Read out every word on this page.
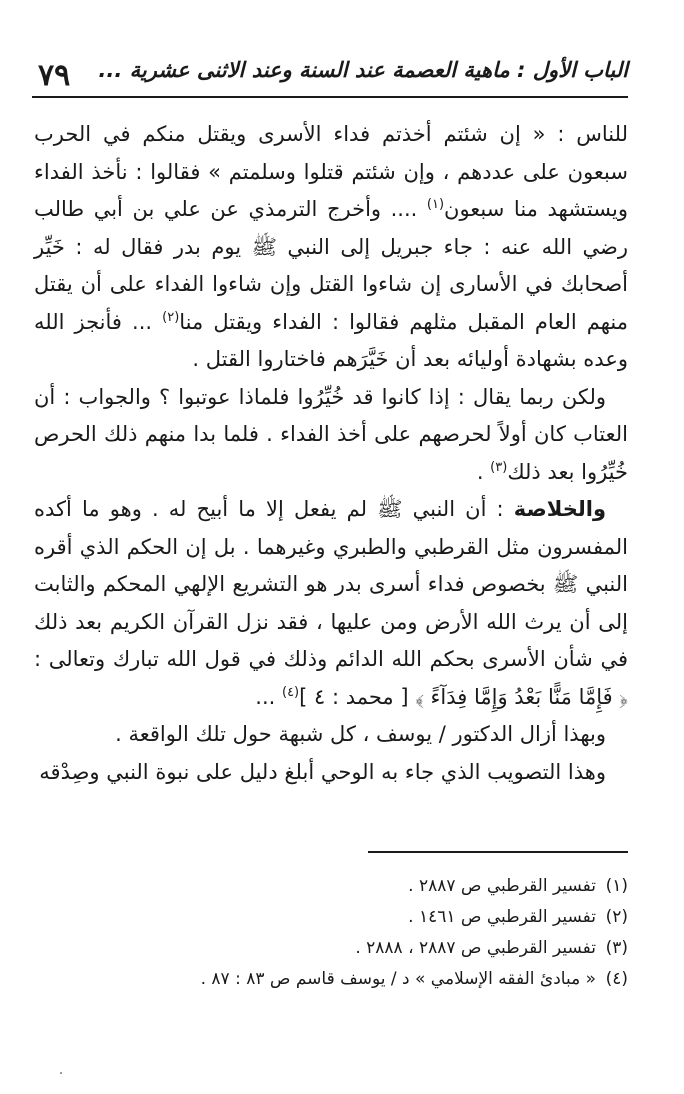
٧٩ الباب الأول : ماهية العصمة عند السنة وعند الاثنى عشرية ...

للناس : « إن شئتم أخذتم فداء الأسرى ويقتل منكم في الحرب سبعون على عددهم ، وإن شئتم قتلوا وسلمتم » فقالوا : نأخذ الفداء ويستشهد منا سبعون$^{(١)}$ .... وأخرج الترمذي عن علي بن أبي طالب رضي الله عنه : جاء جبريل إلى النبي ﷺ يوم بدر فقال له : خَيِّر أصحابك في الأسارى إن شاءوا القتل وإن شاءوا الفداء على أن يقتل منهم العام المقبل مثلهم فقالوا : الفداء ويقتل منا$^{(٢)}$ ... فأنجز الله وعده بشهادة أوليائه بعد أن خَيَّرَهم فاختاروا القتل .

ولكن ربما يقال : إذا كانوا قد خُيِّرُوا فلماذا عوتبوا ؟ والجواب : أن العتاب كان أولاً لحرصهم على أخذ الفداء . فلما بدا منهم ذلك الحرص خُيِّرُوا بعد ذلك$^{(٣)}$ .

والخلاصة : أن النبي ﷺ لم يفعل إلا ما أبيح له . وهو ما أكده المفسرون مثل القرطبي والطبري وغيرهما . بل إن الحكم الذي أقره النبي ﷺ بخصوص فداء أسرى بدر هو التشريع الإلهي المحكم والثابت إلى أن يرث الله الأرض ومن عليها ، فقد نزل القرآن الكريم بعد ذلك في شأن الأسرى بحكم الله الدائم وذلك في قول الله تبارك وتعالى : ﴿ فَإِمَّا مَنًّا بَعْدُ وَإِمَّا فِدَآءً ﴾ [ محمد : ٤ ]$^{(٤)}$ ...

وبهذا أزال الدكتور / يوسف ، كل شبهة حول تلك الواقعة .

وهذا التصويب الذي جاء به الوحي أبلغ دليل على نبوة النبي وصِدْقه

(١)
تفسير القرطبي ص ٢٨٨٧ .
(٢)
تفسير القرطبي ص ١٤٦١ .
(٣)
تفسير القرطبي ص ٢٨٨٧ ، ٢٨٨٨ .
(٤)
« مبادئ الفقه الإسلامي » د / يوسف قاسم ص ٨٣ : ٨٧ .
